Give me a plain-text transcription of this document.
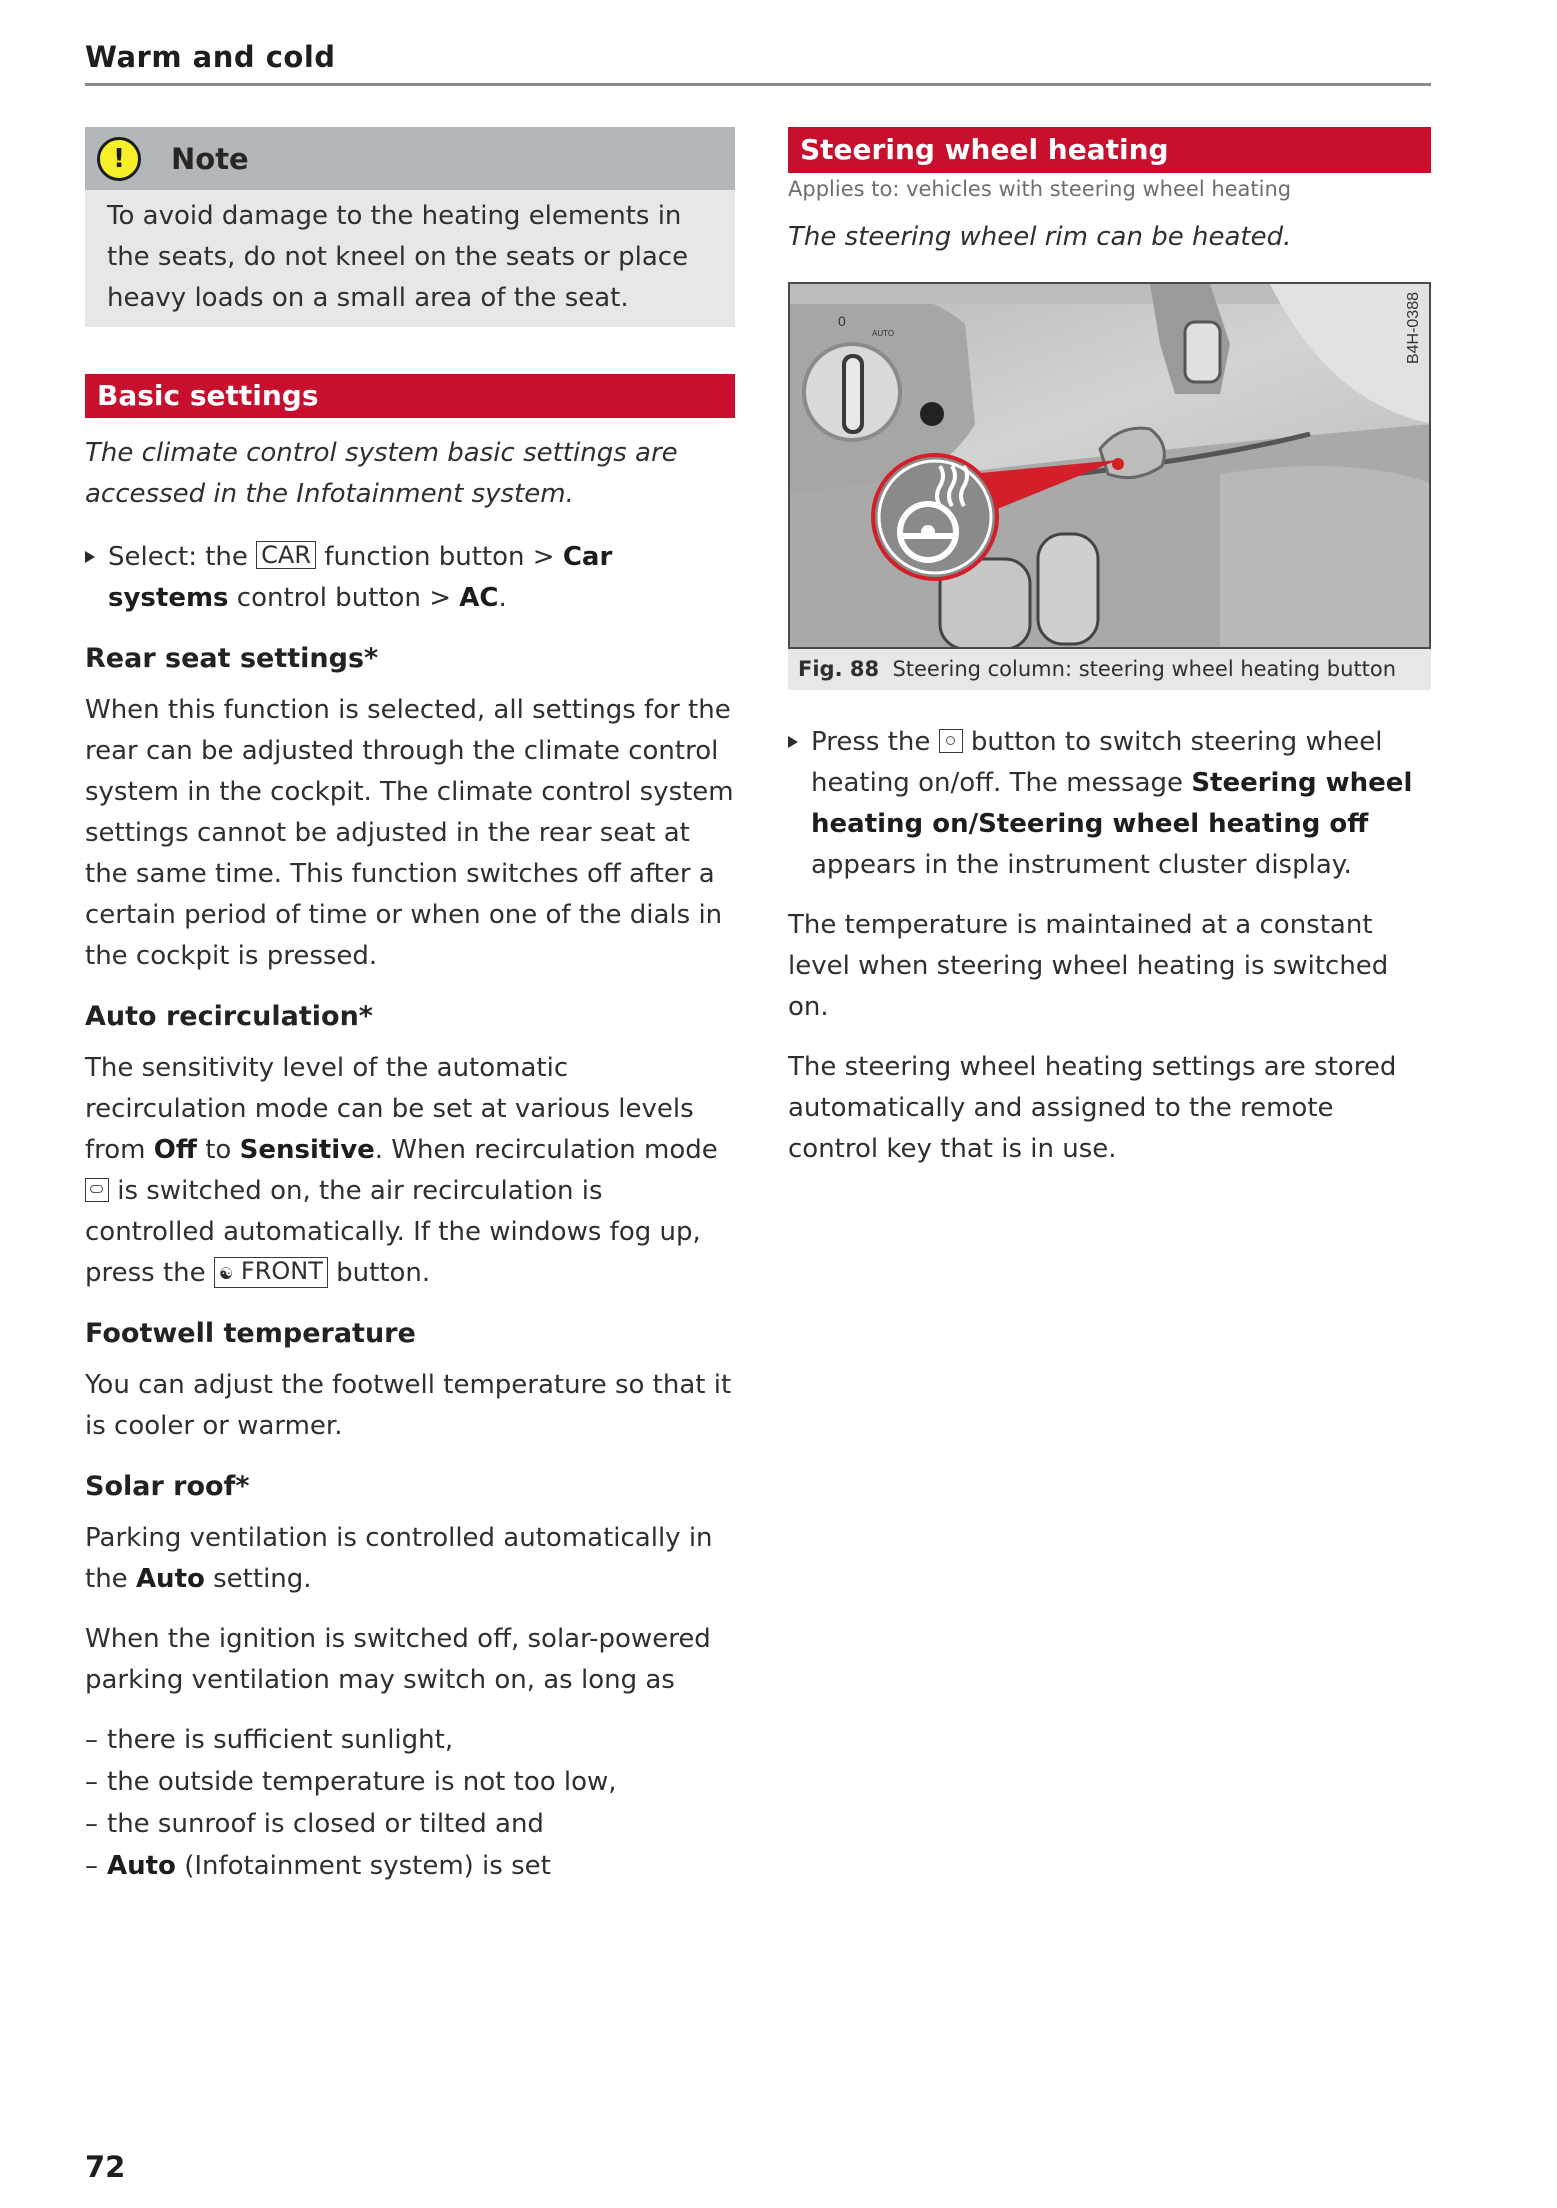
Warm and cold
!	Note
To avoid damage to the heating elements in the seats, do not kneel on the seats or place heavy loads on a small area of the seat.
Basic settings
The climate control system basic settings are accessed in the Infotainment system.
Select: the CAR function button > Car systems control button > AC.
Rear seat settings*
When this function is selected, all settings for the rear can be adjusted through the climate control system in the cockpit. The climate control system settings cannot be adjusted in the rear seat at the same time. This function switches off after a certain period of time or when one of the dials in the cockpit is pressed.
Auto recirculation*
The sensitivity level of the automatic recirculation mode can be set at various levels from Off to Sensitive. When recirculation mode
is switched on, the air recirculation is controlled automatically. If the windows fog up, press the ☯ FRONT button.
Footwell temperature
You can adjust the footwell temperature so that it is cooler or warmer.
Solar roof*
Parking ventilation is controlled automatically in the Auto setting.
When the ignition is switched off, solar-powered parking ventilation may switch on, as long as
– there is sufficient sunlight,
– the outside temperature is not too low,
– the sunroof is closed or tilted and
– Auto (Infotainment system) is set
Steering wheel heating
Applies to: vehicles with steering wheel heating
The steering wheel rim can be heated.
0
AUTO	B4H-0388
Fig. 88 Steering column: steering wheel heating button
Press the button to switch steering wheel heating on/off. The message Steering wheel heating on/Steering wheel heating off appears in the instrument cluster display.
The temperature is maintained at a constant level when steering wheel heating is switched on.
The steering wheel heating settings are stored automatically and assigned to the remote control key that is in use.
72
